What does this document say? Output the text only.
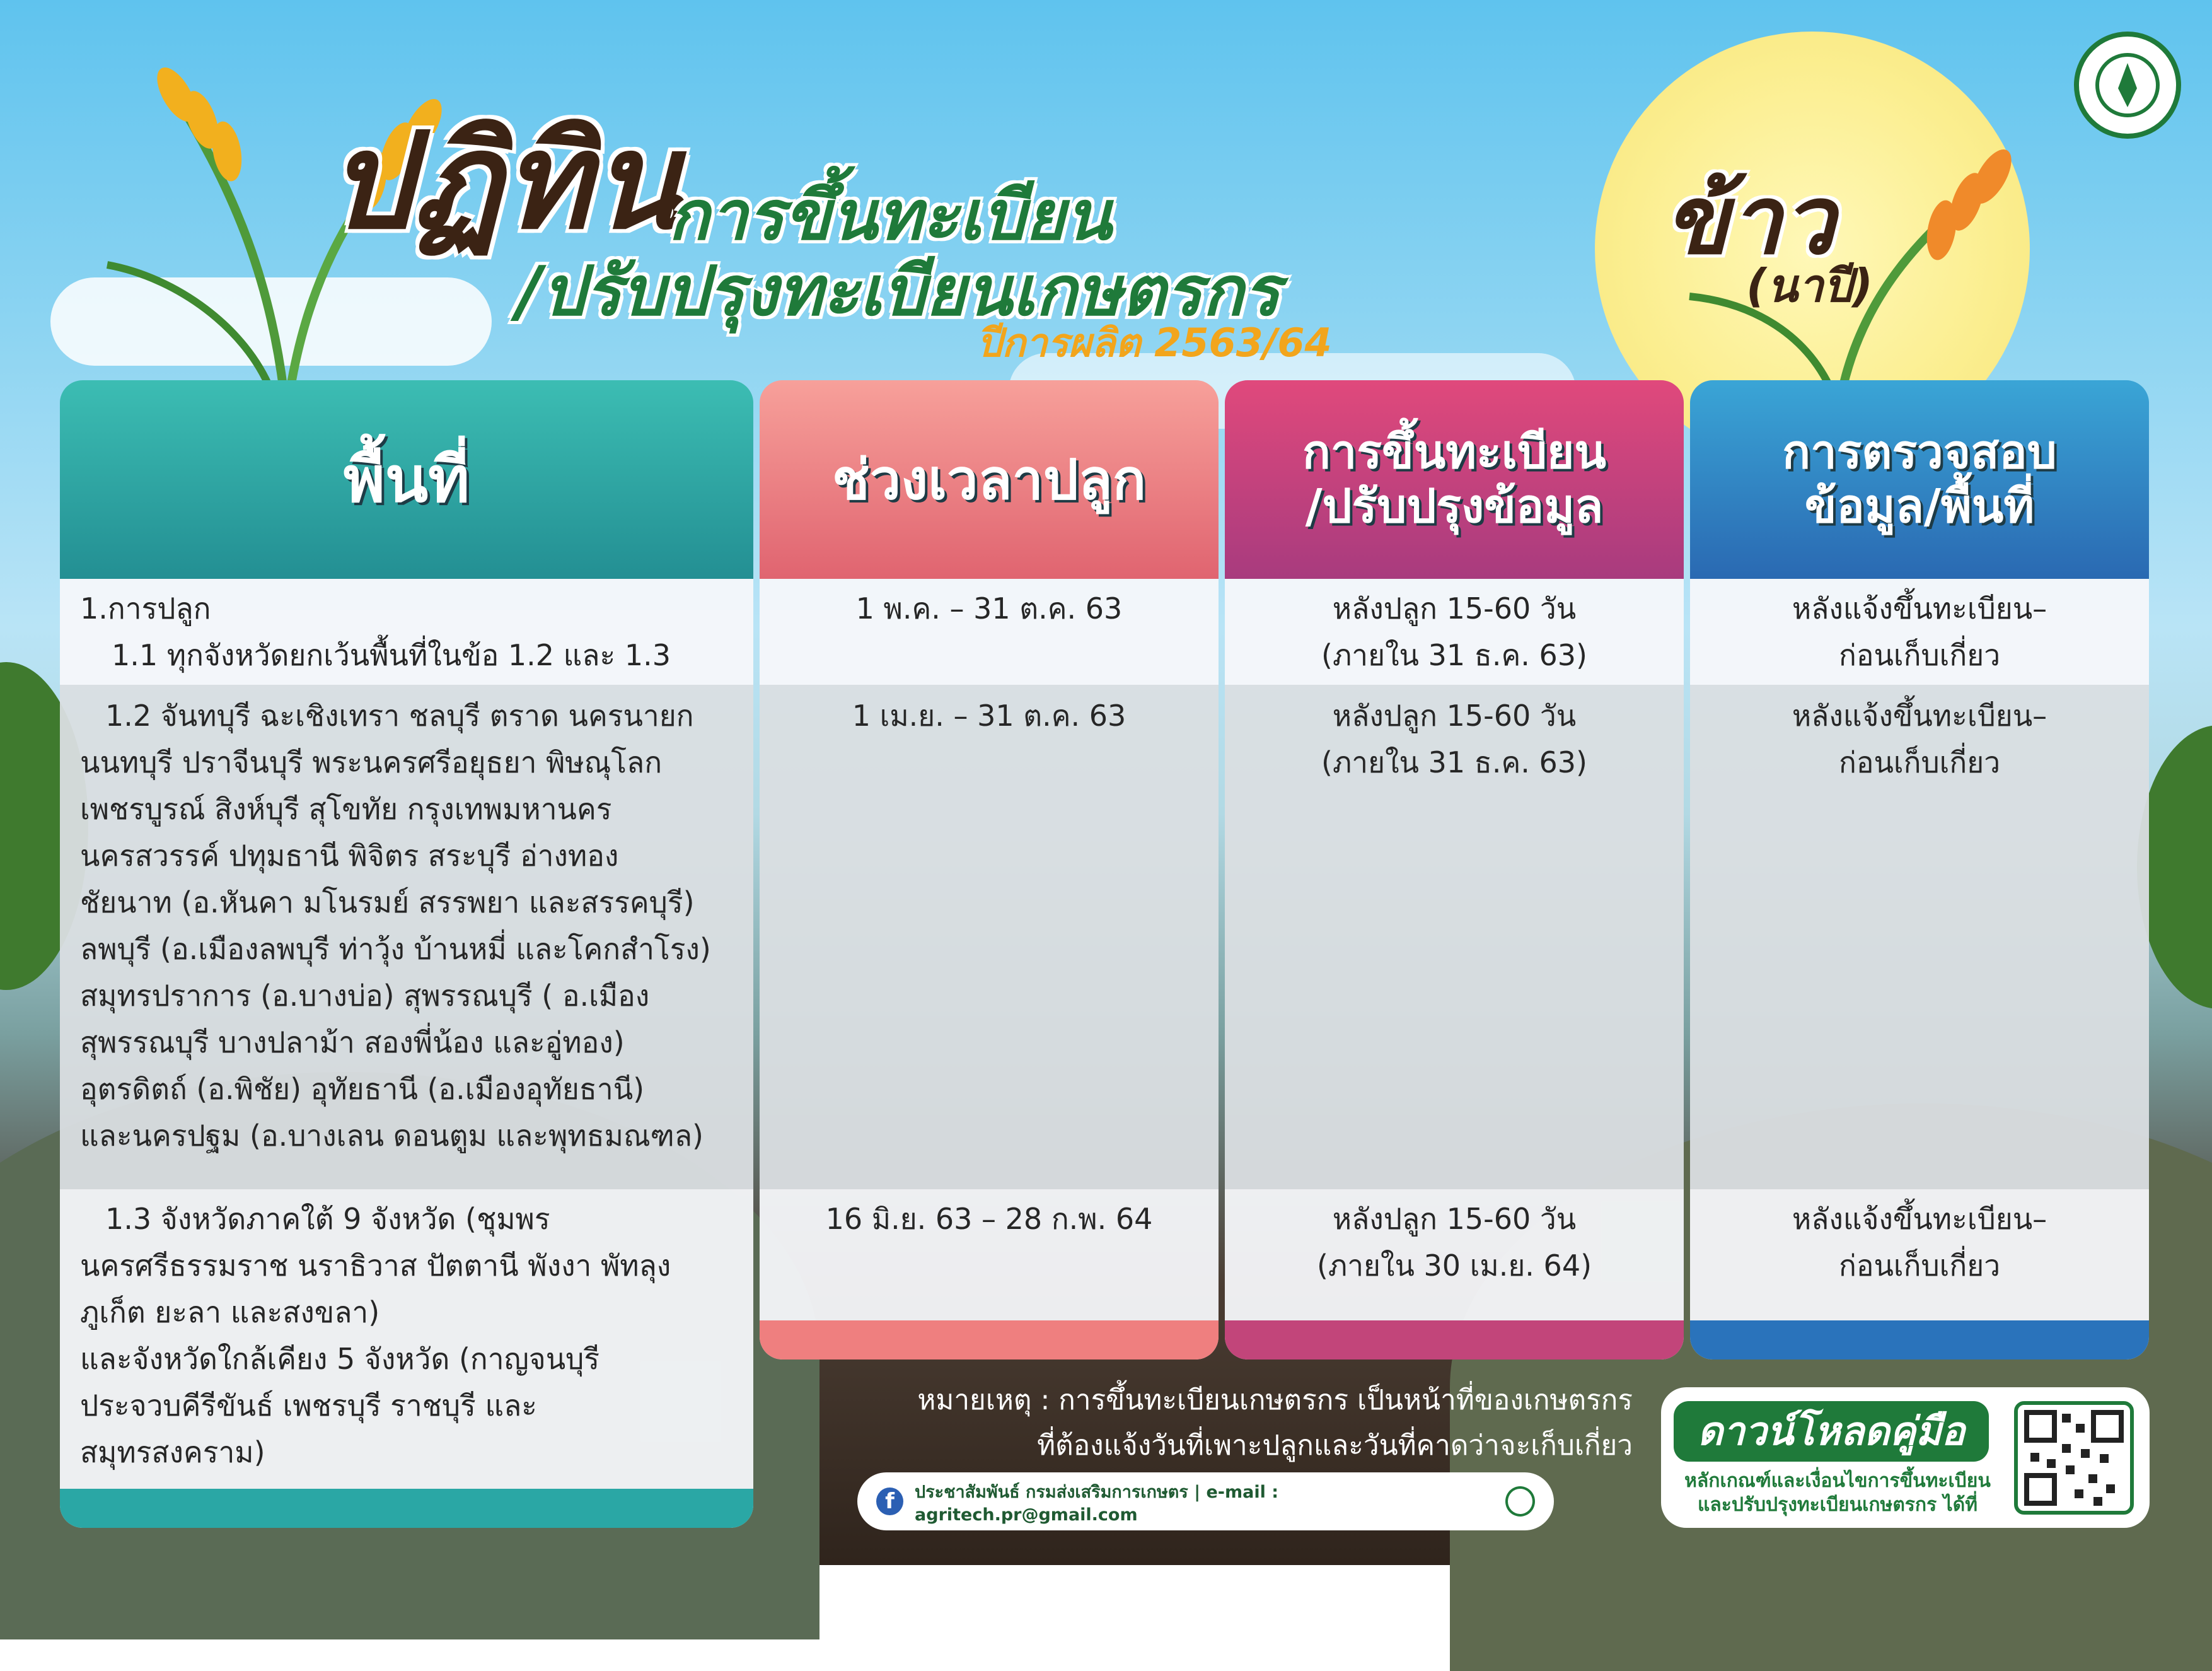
ปฏิทิน
การขึ้นทะเบียน
/ปรับปรุงทะเบียนเกษตรกร
ปีการผลิต 2563/64
ข้าว
(นาปี)
พื้นที่
1.การปลูก
1.1 ทุกจังหวัดยกเว้นพื้นที่ในข้อ 1.2 และ 1.3
1.2 จันทบุรี ฉะเชิงเทรา ชลบุรี ตราด นครนายก
นนทบุรี ปราจีนบุรี พระนครศรีอยุธยา พิษณุโลก
เพชรบูรณ์ สิงห์บุรี สุโขทัย กรุงเทพมหานคร
นครสวรรค์ ปทุมธานี พิจิตร สระบุรี อ่างทอง
ชัยนาท (อ.หันคา มโนรมย์ สรรพยา และสรรคบุรี)
ลพบุรี (อ.เมืองลพบุรี ท่าวุ้ง บ้านหมี่ และโคกสำโรง)
สมุทรปราการ (อ.บางบ่อ) สุพรรณบุรี ( อ.เมือง
สุพรรณบุรี บางปลาม้า สองพี่น้อง และอู่ทอง)
อุตรดิตถ์ (อ.พิชัย) อุทัยธานี (อ.เมืองอุทัยธานี)
และนครปฐม (อ.บางเลน ดอนตูม และพุทธมณฑล)
1.3 จังหวัดภาคใต้ 9 จังหวัด (ชุมพร
นครศรีธรรมราช นราธิวาส ปัตตานี พังงา พัทลุง
ภูเก็ต ยะลา และสงขลา)
และจังหวัดใกล้เคียง 5 จังหวัด (กาญจนบุรี
ประจวบคีรีขันธ์ เพชรบุรี ราชบุรี และ
สมุทรสงคราม)
ช่วงเวลาปลูก
1 พ.ค. – 31 ต.ค. 63
1 เม.ย. – 31 ต.ค. 63
16 มิ.ย. 63 – 28 ก.พ. 64
การขึ้นทะเบียน
/ปรับปรุงข้อมูล
หลังปลูก 15-60 วัน
(ภายใน 31 ธ.ค. 63)
หลังปลูก 15-60 วัน
(ภายใน 31 ธ.ค. 63)
หลังปลูก 15-60 วัน
(ภายใน 30 เม.ย. 64)
การตรวจสอบ
ข้อมูล/พื้นที่
หลังแจ้งขึ้นทะเบียน–
ก่อนเก็บเกี่ยว
หลังแจ้งขึ้นทะเบียน–
ก่อนเก็บเกี่ยว
หลังแจ้งขึ้นทะเบียน–
ก่อนเก็บเกี่ยว
หมายเหตุ : การขึ้นทะเบียนเกษตรกร เป็นหน้าที่ของเกษตรกร
ที่ต้องแจ้งวันที่เพาะปลูกและวันที่คาดว่าจะเก็บเกี่ยว
f	ประชาสัมพันธ์ กรมส่งเสริมการเกษตร | e-mail : agritech.pr@gmail.com
ดาวน์โหลดคู่มือ
หลักเกณฑ์และเงื่อนไขการขึ้นทะเบียน
และปรับปรุงทะเบียนเกษตรกร ได้ที่
